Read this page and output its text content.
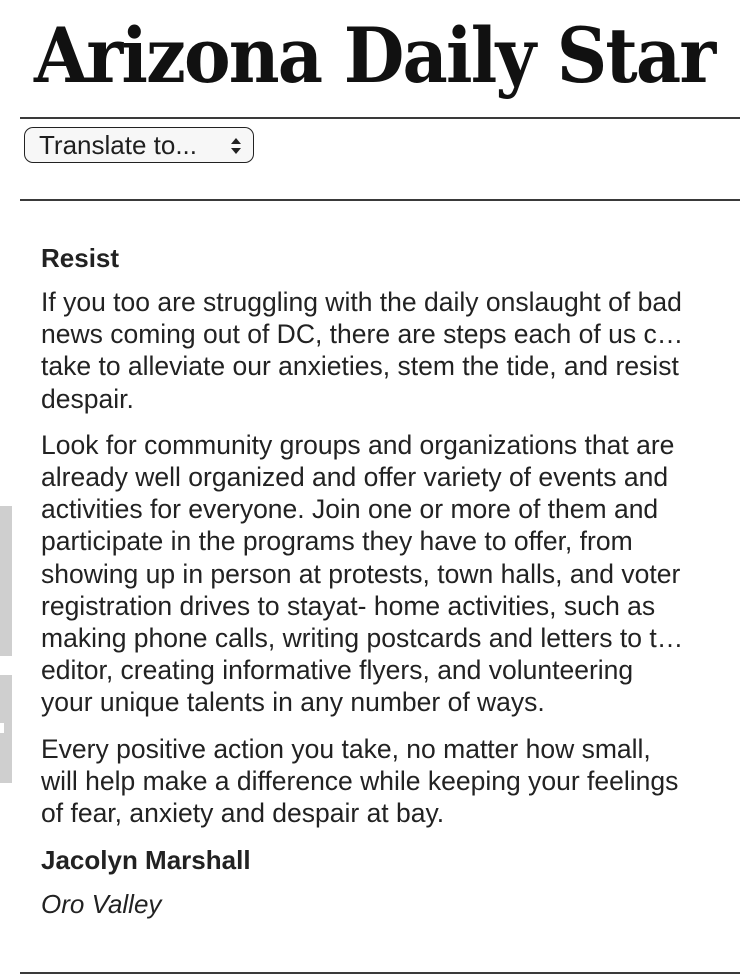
Arizona Daily Star
Translate to...
Resist

If you too are struggling with the daily onslaught of bad
news coming out of DC, there are steps each of us c…
take to alleviate our anxieties, stem the tide, and resist
despair.

Look for community groups and organizations that are
already well organized and offer variety of events and
activities for everyone. Join one or more of them and
participate in the programs they have to offer, from
showing up in person at protests, town halls, and voter
registration drives to stayat- home activities, such as
making phone calls, writing postcards and letters to t…
editor, creating informative flyers, and volunteering
your unique talents in any number of ways.

Every positive action you take, no matter how small,
will help make a difference while keeping your feelings
of fear, anxiety and despair at bay.

Jacolyn Marshall

Oro Valley
